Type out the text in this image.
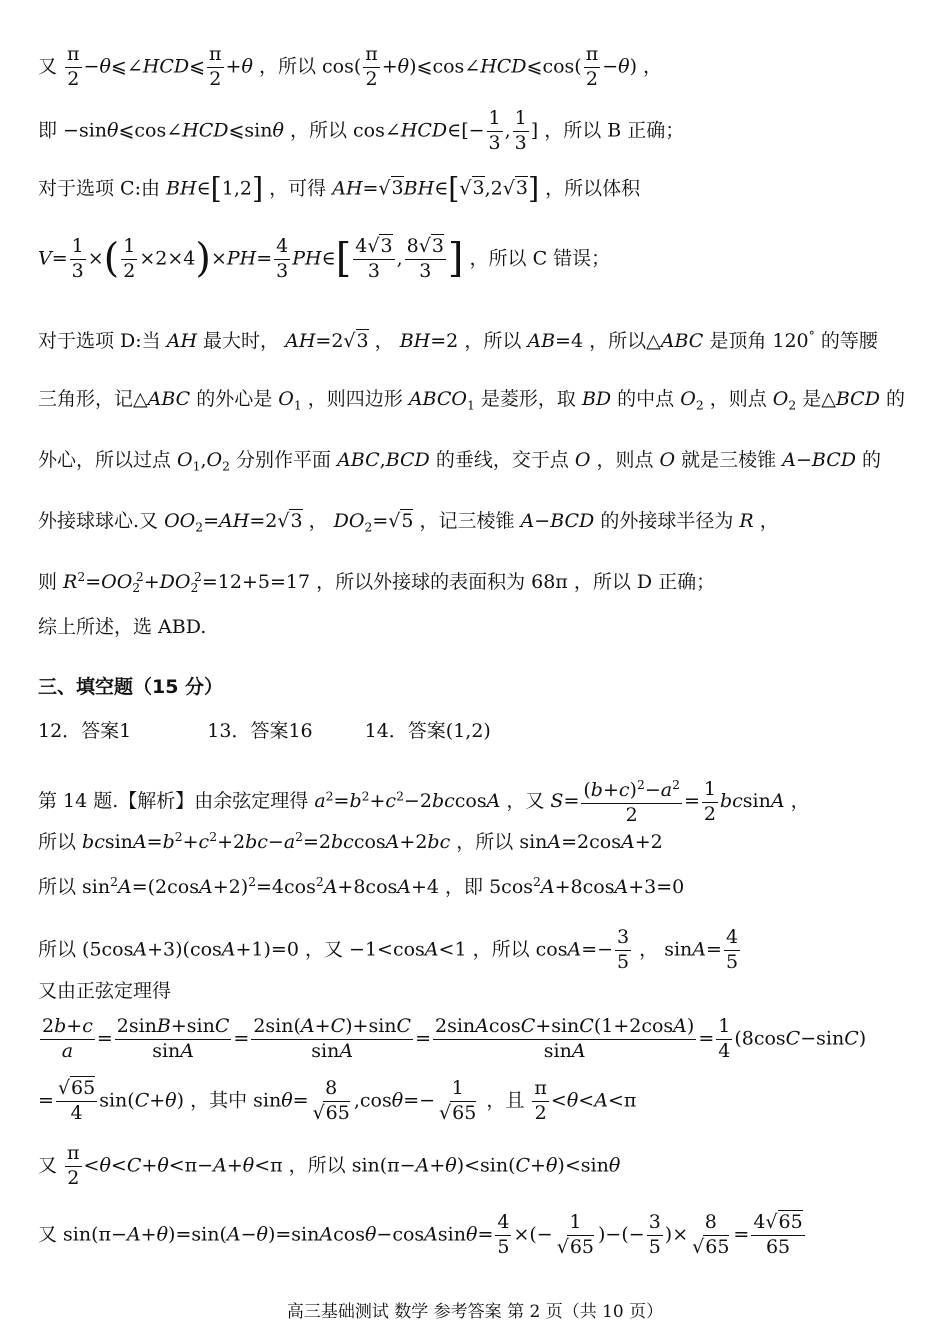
又 $\frac{\pi}{2}$ −θ⩽∠HCD⩽ $\frac{\pi}{2} +\theta$ ，所以 $\cos( \frac{\pi}{2}$ +θ)⩽cos∠HCD⩽cos( $\frac{\pi}{2} -\theta$) ，
即 −sinθ⩽cos∠HCD⩽sinθ ，所以 cos∠HCD∈[− $\frac{1}{3}$ , $\frac{1}{3}$ ] ，所以 B 正确；
对于选项 C:由 BH∈[1,2] ，可得 AH=√3BH∈[√3,2√3] ，所以体积
$V= \frac{1}{3}$ ×( $\frac{1}{2} \times 2\times 4)\times PH= \frac{4}{3}$ PH∈[ $\frac{4√3}{3}$ , $\frac{8√3}{3}$ ] ，所以 C 错误；
对于选项 D:当 AH 最大时， AH=2√3 ， BH=2 ，所以 AB=4 ，所以△ABC 是顶角 120° 的等腰
三角形，记△ABC 的外心是 $O_1$ ，则四边形 $ABCO_1$ 是菱形，取 BD 的中点 $O_2$ ，则点 $O_2$ 是△BCD 的
外心，所以过点 $O_1,O_2$ 分别作平面 ABC,BCD 的垂线，交于点 O ，则点 O 就是三棱锥 A−BCD 的
外接球球心.又 $OO_2=AH=2√3$ ， $DO_2=√5$ ，记三棱锥 A−BCD 的外接球半径为 R ，
则 $R^2=OO_2^2+DO_2^2=12+5=17$ ，所以外接球的表面积为 68π ，所以 D 正确；
综上所述，选 ABD.
三、填空题（15 分）
12．答案1	13．答案16	14．答案(1,2)
第 14 题.【解析】由余弦定理得 $a^2=b^2+c^2-2bccosA$ ，又 $S= \frac{(b+c)^2-a^2}{2} = \frac{1}{2}$ bcsinA ，
所以 $bcsinA=b^2+c^2+2bc-a^2=2bccosA+2bc$ ，所以 sinA=2cosA+2
所以 $\sin^2A=(2\cos A+2)^2=4\cos^2A+8\cos A+4$ ，即 $5\cos^2A+8\cos A+3=0$
所以 (5cosA+3)(cosA+1)=0 ，又 −1<cosA<1 ，所以 $\cos A=- \frac{3}{5}$ ， $\sin A= \frac{4}{5}$
又由正弦定理得
$\frac{2b+c}{a} = \frac{2\sin B+\sin C}{\sin A} = \frac{2\sin(A+C)+\sin C}{\sin A} = \frac{\text{2sinAcosC+sinC(1+2cosA)}}{\sin A} = \frac{1}{4} (8\cos C-\sin C)$
= $\frac{√65}{4} \sin(C+\theta)$ ，其中 $\sin\theta= \frac{8}{√65} ,\cos\theta=- \frac{1}{√65}$ ，且 $\frac{\pi}{2} <\theta<A<\pi$
又 $\frac{\pi}{2} <\theta<C+\theta<\pi-A+\theta<\pi$ ，所以 sin(π−A+θ)<sin(C+θ)<sinθ
又 sin(π−A+θ)=sin(A−θ)=sinAcosθ−cosAsinθ= $\frac{4}{5}$ ×(− $\frac{1}{√65}$ )−(− $\frac{3}{5}$ )× $\frac{8}{√65} = \frac{4√65}{65}$
高三基础测试 数学 参考答案 第 2 页（共 10 页）
